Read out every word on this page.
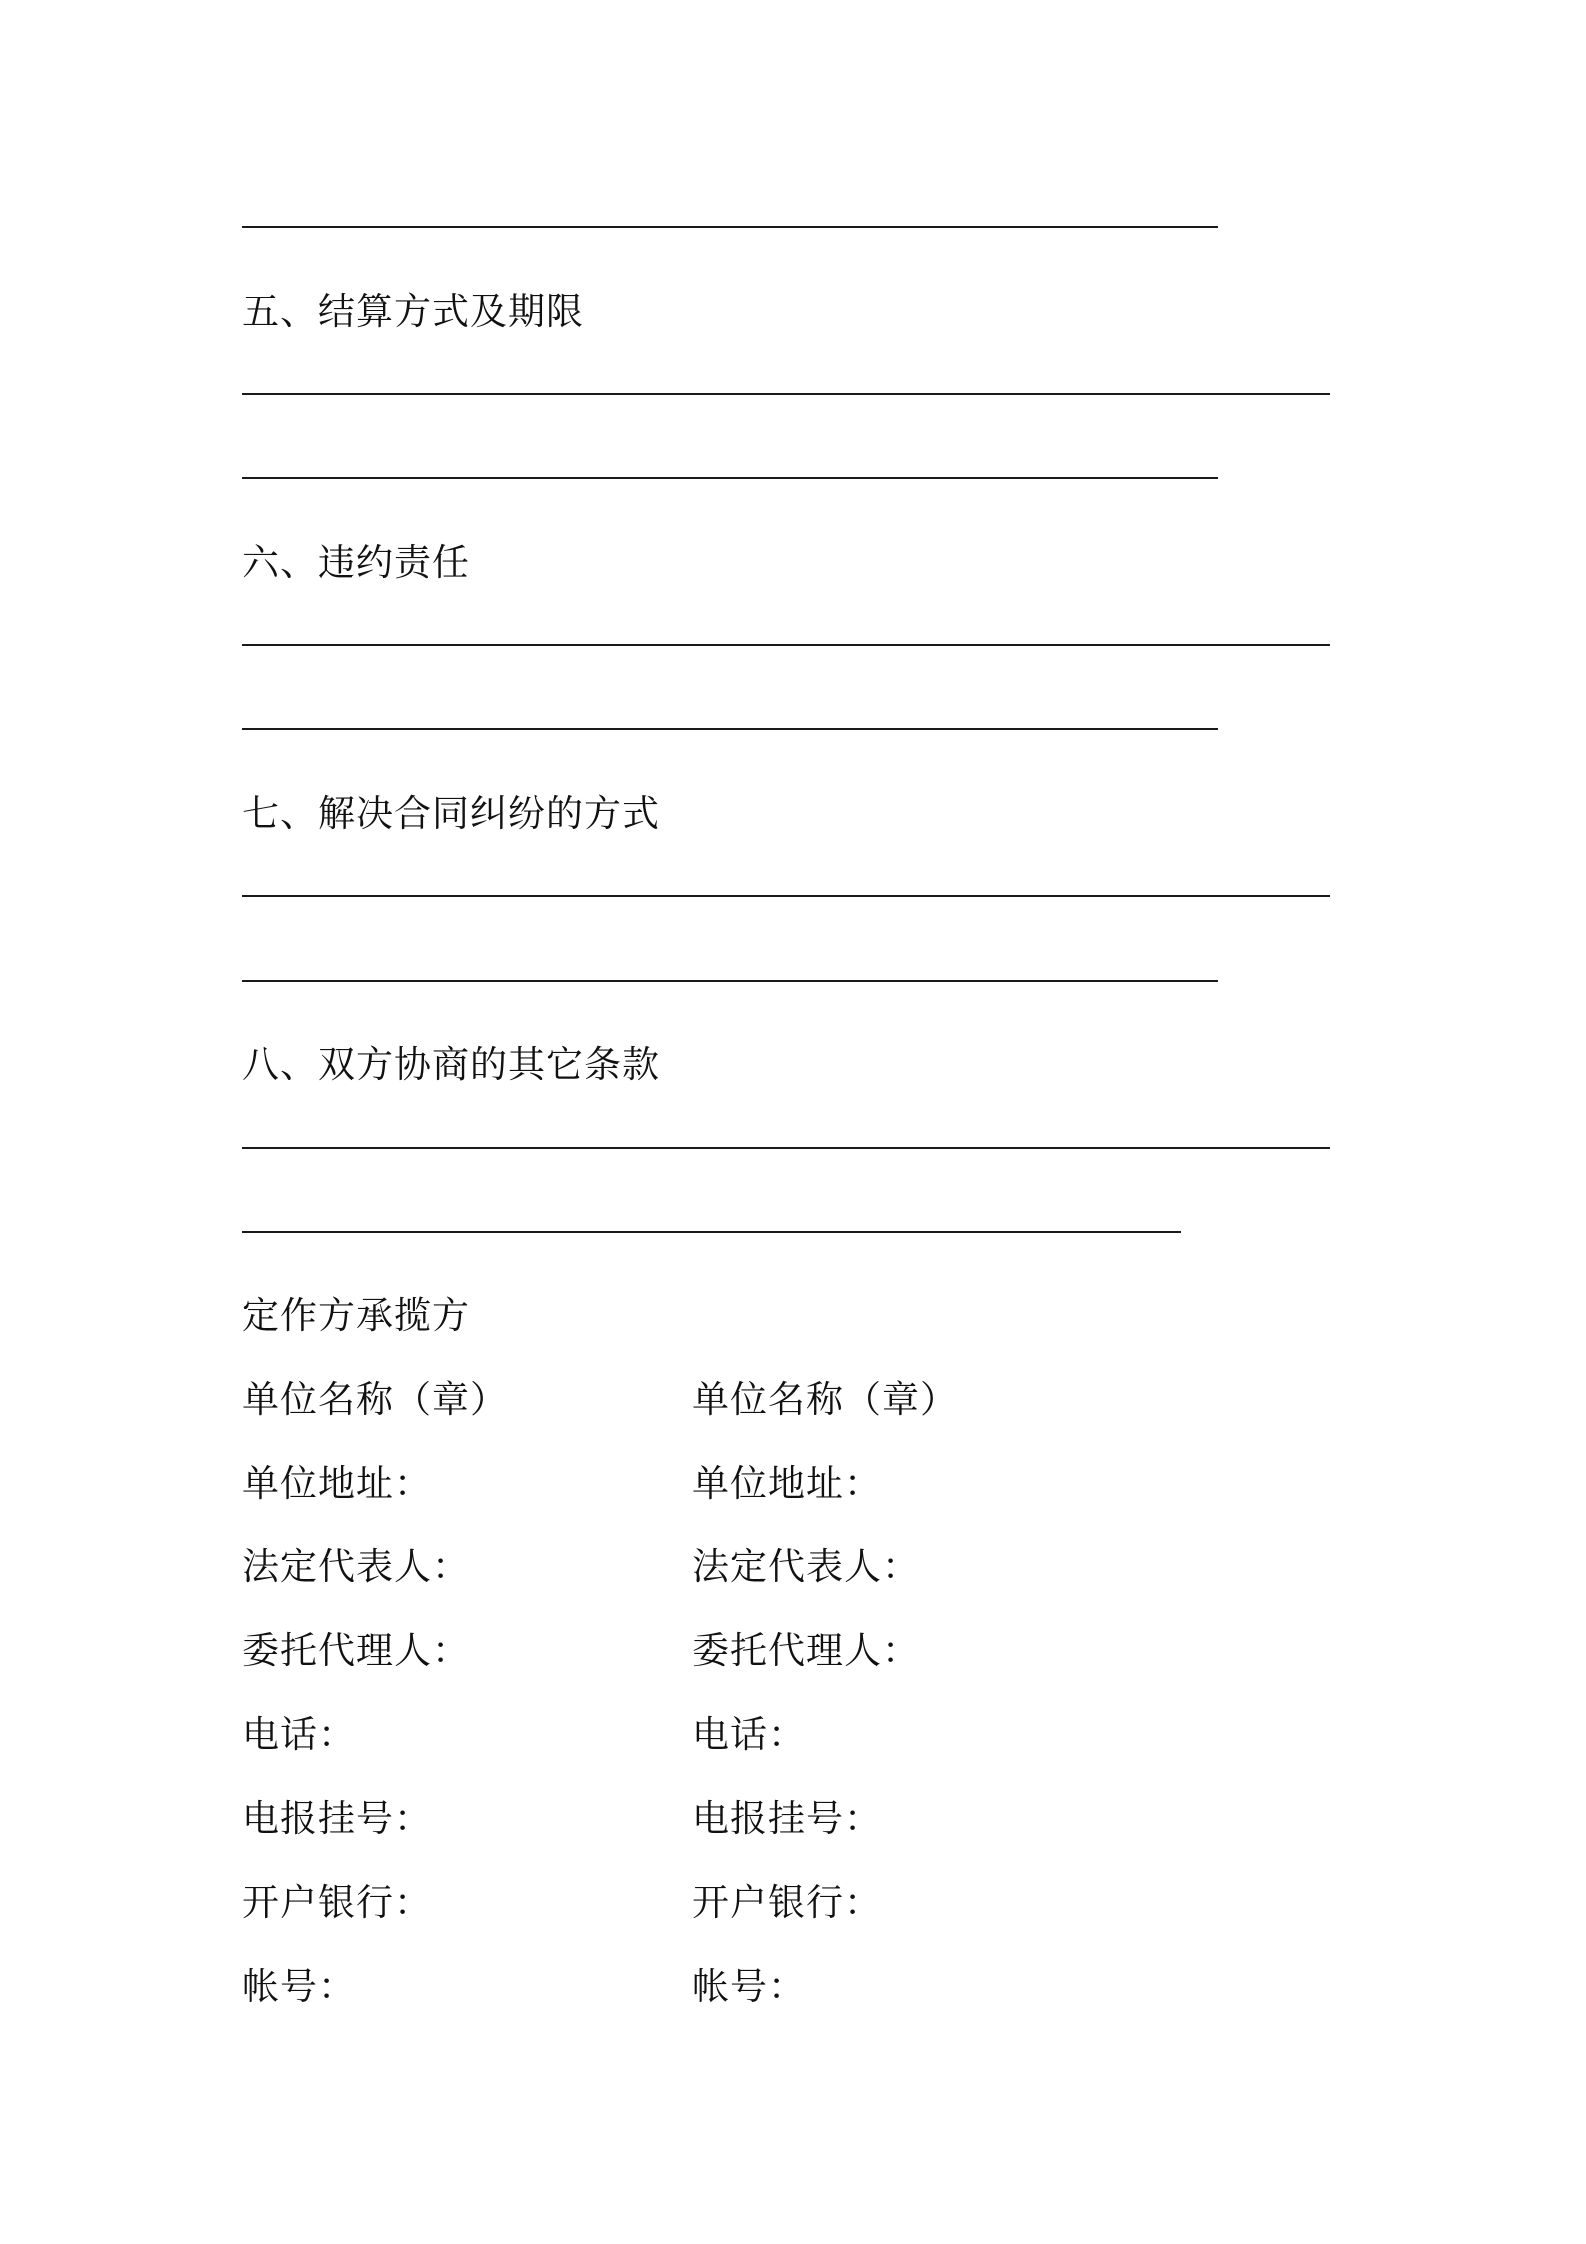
五、结算方式及期限
六、违约责任
七、解决合同纠纷的方式
八、双方协商的其它条款
定作方承揽方
单位名称（章）	单位名称（章）
单位地址：	单位地址：
法定代表人：	法定代表人：
委托代理人：	委托代理人：
电话：	电话：
电报挂号：	电报挂号：
开户银行：	开户银行：
帐号：	帐号：
